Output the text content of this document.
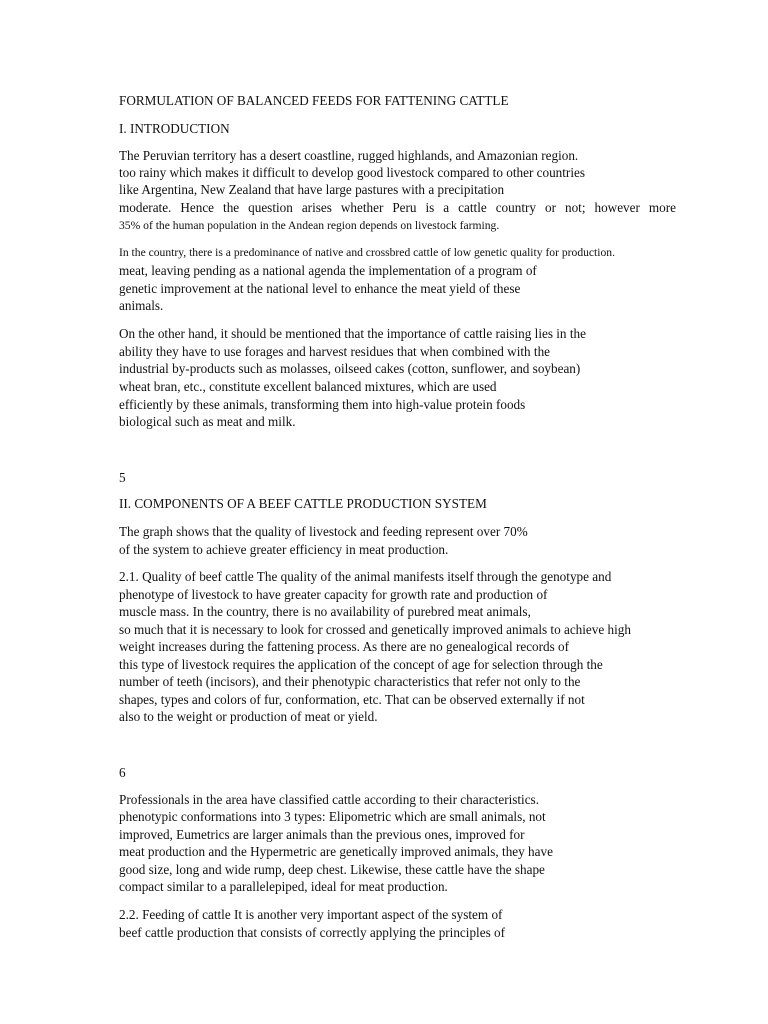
FORMULATION OF BALANCED FEEDS FOR FATTENING CATTLE
I. INTRODUCTION
The Peruvian territory has a desert coastline, rugged highlands, and Amazonian region.
too rainy which makes it difficult to develop good livestock compared to other countries
like Argentina, New Zealand that have large pastures with a precipitation
moderate. Hence the question arises whether Peru is a cattle country or not; however more
35% of the human population in the Andean region depends on livestock farming.
In the country, there is a predominance of native and crossbred cattle of low genetic quality for production.
meat, leaving pending as a national agenda the implementation of a program of
genetic improvement at the national level to enhance the meat yield of these
animals.
On the other hand, it should be mentioned that the importance of cattle raising lies in the
ability they have to use forages and harvest residues that when combined with the
industrial by-products such as molasses, oilseed cakes (cotton, sunflower, and soybean)
wheat bran, etc., constitute excellent balanced mixtures, which are used
efficiently by these animals, transforming them into high-value protein foods
biological such as meat and milk.
5
II. COMPONENTS OF A BEEF CATTLE PRODUCTION SYSTEM
The graph shows that the quality of livestock and feeding represent over 70%
of the system to achieve greater efficiency in meat production.
2.1. Quality of beef cattle The quality of the animal manifests itself through the genotype and
phenotype of livestock to have greater capacity for growth rate and production of
muscle mass. In the country, there is no availability of purebred meat animals,
so much that it is necessary to look for crossed and genetically improved animals to achieve high
weight increases during the fattening process. As there are no genealogical records of
this type of livestock requires the application of the concept of age for selection through the
number of teeth (incisors), and their phenotypic characteristics that refer not only to the
shapes, types and colors of fur, conformation, etc. That can be observed externally if not
also to the weight or production of meat or yield.
6
Professionals in the area have classified cattle according to their characteristics.
phenotypic conformations into 3 types: Elipometric which are small animals, not
improved, Eumetrics are larger animals than the previous ones, improved for
meat production and the Hypermetric are genetically improved animals, they have
good size, long and wide rump, deep chest. Likewise, these cattle have the shape
compact similar to a parallelepiped, ideal for meat production.
2.2. Feeding of cattle It is another very important aspect of the system of
beef cattle production that consists of correctly applying the principles of
